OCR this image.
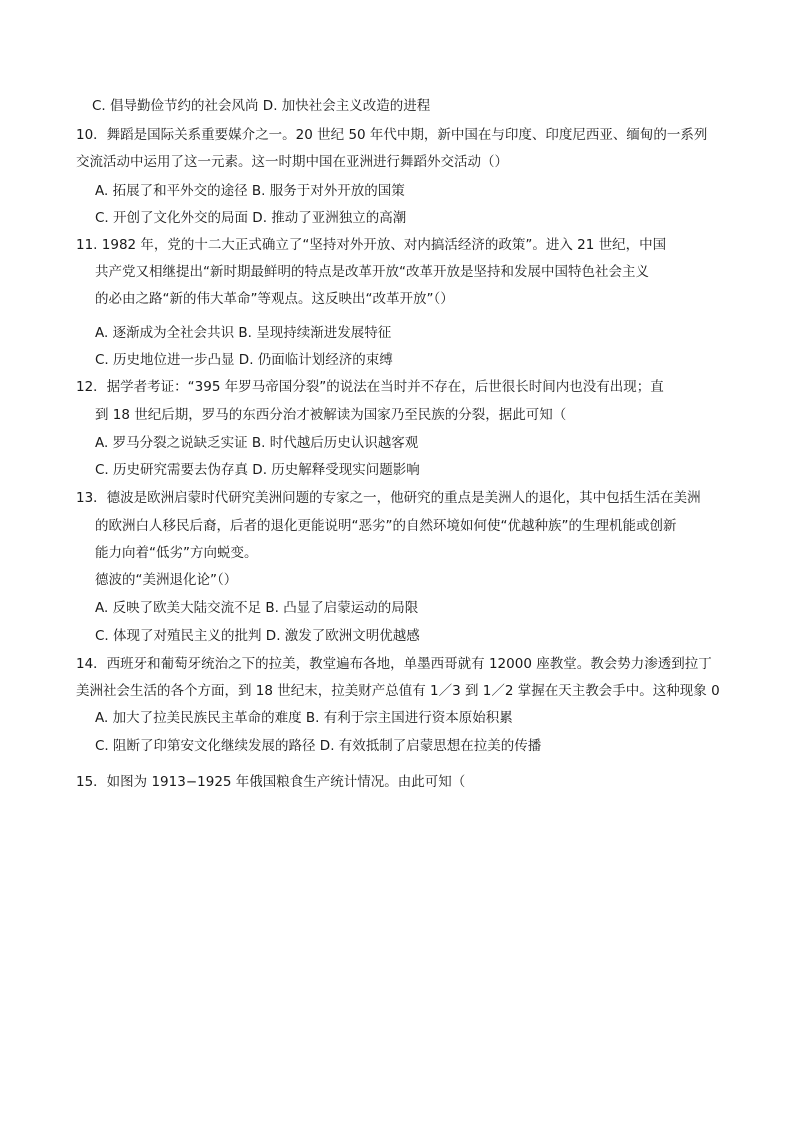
C. 倡导勤俭节约的社会风尚 D. 加快社会主义改造的进程
10．舞蹈是国际关系重要媒介之一。20 世纪 50 年代中期，新中国在与印度、印度尼西亚、缅甸的一系列
交流活动中运用了这一元素。这一时期中国在亚洲进行舞蹈外交活动（）
A. 拓展了和平外交的途径 B. 服务于对外开放的国策
C. 开创了文化外交的局面 D. 推动了亚洲独立的高潮
11. 1982 年，党的十二大正式确立了“坚持对外开放、对内搞活经济的政策”。进入 21 世纪，中国
共产党又相继提出“新时期最鲜明的特点是改革开放“改革开放是坚持和发展中国特色社会主义
的必由之路“新的伟大革命”等观点。这反映出“改革开放”（）
A. 逐渐成为全社会共识 B. 呈现持续渐进发展特征
C. 历史地位进一步凸显 D. 仍面临计划经济的束缚
12．据学者考证：“395 年罗马帝国分裂”的说法在当时并不存在，后世很长时间内也没有出现；直
到 18 世纪后期，罗马的东西分治才被解读为国家乃至民族的分裂，据此可知（
A. 罗马分裂之说缺乏实证 B. 时代越后历史认识越客观
C. 历史研究需要去伪存真 D. 历史解释受现实问题影响
13．德波是欧洲启蒙时代研究美洲问题的专家之一，他研究的重点是美洲人的退化，其中包括生活在美洲
的欧洲白人移民后裔，后者的退化更能说明“恶劣”的自然环境如何使“优越种族”的生理机能或创新
能力向着“低劣”方向蜕变。
德波的“美洲退化论”（）
A. 反映了欧美大陆交流不足 B. 凸显了启蒙运动的局限
C. 体现了对殖民主义的批判 D. 激发了欧洲文明优越感
14．西班牙和葡萄牙统治之下的拉美，教堂遍布各地，单墨西哥就有 12000 座教堂。教会势力渗透到拉丁
美洲社会生活的各个方面，到 18 世纪末，拉美财产总值有 1／3 到 1／2 掌握在天主教会手中。这种现象 0
A. 加大了拉美民族民主革命的难度 B. 有利于宗主国进行资本原始积累
C. 阻断了印第安文化继续发展的路径 D. 有效抵制了启蒙思想在拉美的传播
15．如图为 1913−1925 年俄国粮食生产统计情况。由此可知（
